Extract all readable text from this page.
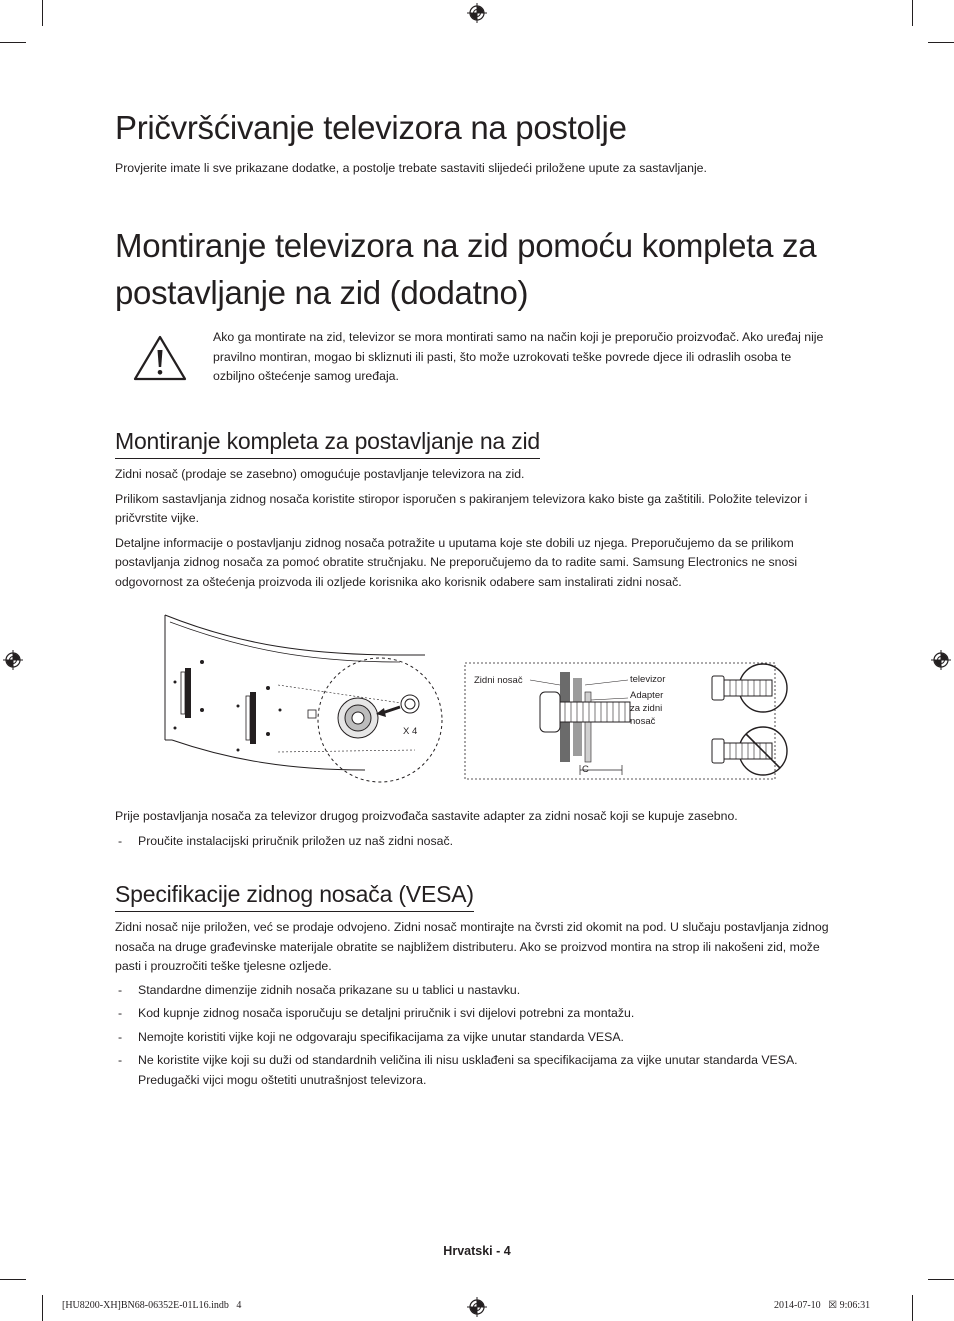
Pričvršćivanje televizora na postolje

Provjerite imate li sve prikazane dodatke, a postolje trebate sastaviti slijedeći priložene upute za sastavljanje.

Montiranje televizora na zid pomoću kompleta za
postavljanje na zid (dodatno)

Ako ga montirate na zid, televizor se mora montirati samo na način koji je preporučio proizvođač. Ako uređaj nije pravilno montiran, mogao bi skliznuti ili pasti, što može uzrokovati teške povrede djece ili odraslih osoba te ozbiljno oštećenje samog uređaja.

Montiranje kompleta za postavljanje na zid

Zidni nosač (prodaje se zasebno) omogućuje postavljanje televizora na zid.

Prilikom sastavljanja zidnog nosača koristite stiropor isporučen s pakiranjem televizora kako biste ga zaštitili. Položite televizor i pričvrstite vijke.

Detaljne informacije o postavljanju zidnog nosača potražite u uputama koje ste dobili uz njega. Preporučujemo da se prilikom postavljanja zidnog nosača za pomoć obratite stručnjaku. Ne preporučujemo da to radite sami. Samsung Electronics ne snosi odgovornost za oštećenja proizvoda ili ozljede korisnika ako korisnik odabere sam instalirati zidni nosač.

X 4
Zidni nosač	televizor
Adapter
za zidni
nosač
C

Prije postavljanja nosača za televizor drugog proizvođača sastavite adapter za zidni nosač koji se kupuje zasebno.

-	Proučite instalacijski priručnik priložen uz naš zidni nosač.
Specifikacije zidnog nosača (VESA)

Zidni nosač nije priložen, već se prodaje odvojeno. Zidni nosač montirajte na čvrsti zid okomit na pod. U slučaju postavljanja zidnog nosača na druge građevinske materijale obratite se najbližem distributeru. Ako se proizvod montira na strop ili nakošeni zid, može pasti i prouzročiti teške tjelesne ozljede.

-	Standardne dimenzije zidnih nosača prikazane su u tablici u nastavku.
-	Kod kupnje zidnog nosača isporučuju se detaljni priručnik i svi dijelovi potrebni za montažu.
-	Nemojte koristiti vijke koji ne odgovaraju specifikacijama za vijke unutar standarda VESA.
-	Ne koristite vijke koji su duži od standardnih veličina ili nisu usklađeni sa specifikacijama za vijke unutar standarda VESA. Predugački vijci mogu oštetiti unutrašnjost televizora.
Hrvatski - 4
[HU8200-XH]BN68-06352E-01L16.indb   4	2014-07-10   ☒ 9:06:31
